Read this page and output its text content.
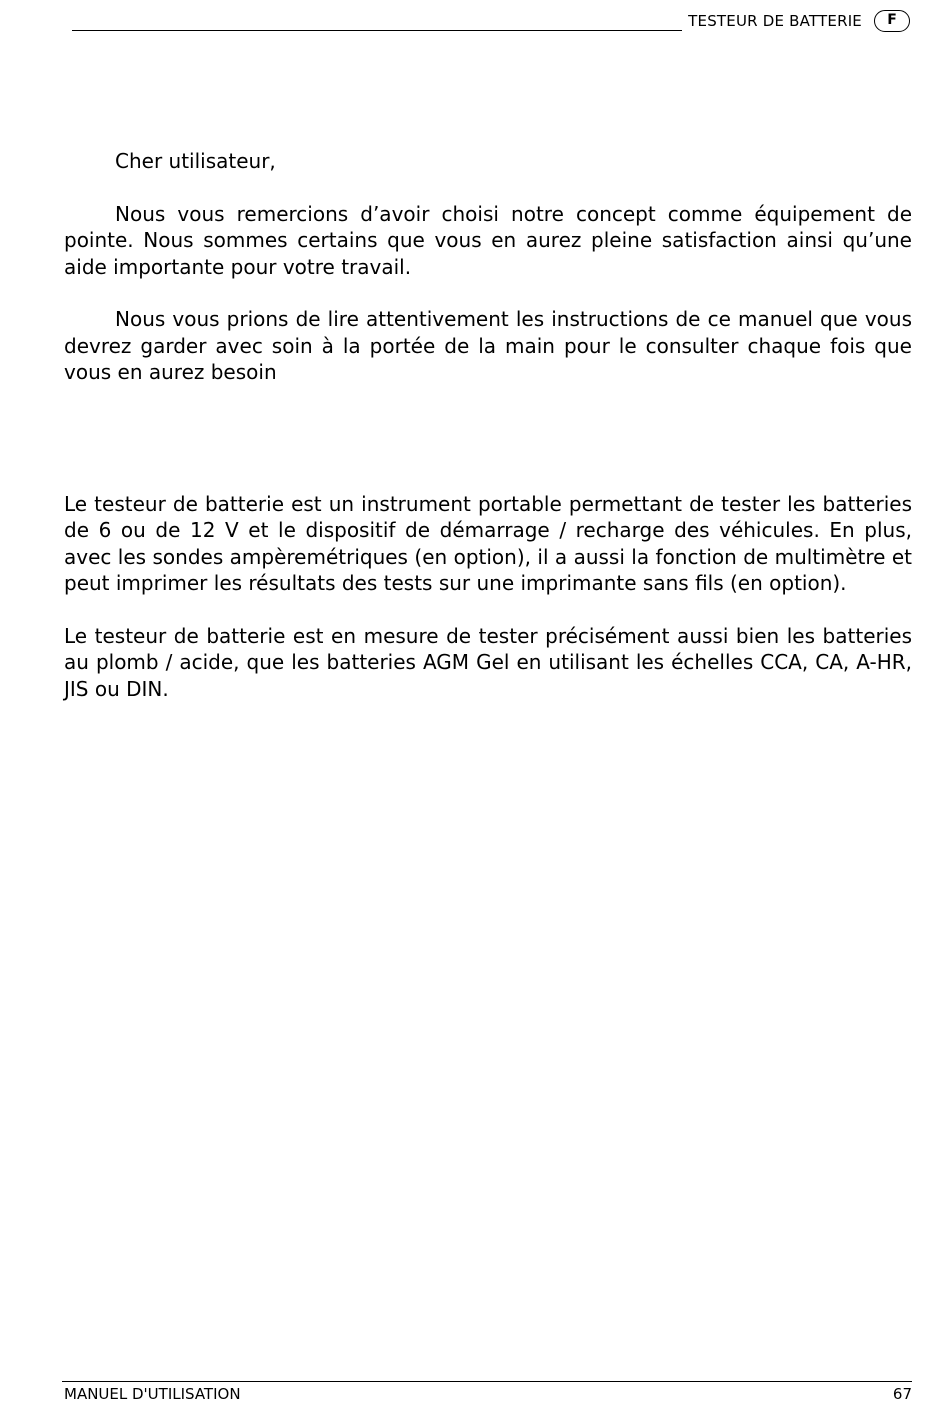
TESTEUR DE BATTERIE	F

Cher utilisateur,

Nous vous remercions d’avoir choisi notre concept comme équipement de pointe. Nous sommes certains que vous en aurez pleine satisfaction ainsi qu’une aide importante pour votre travail.

Nous vous prions de lire attentivement les instructions de ce manuel que vous devrez garder avec soin à la portée de la main pour le consulter chaque fois que vous en aurez besoin

Le testeur de batterie est un instrument portable permettant de tester les batteries de 6 ou de 12 V et le dispositif de démarrage / recharge des véhicules. En plus, avec les sondes ampèremétriques (en option), il a aussi la fonction de multimètre et peut imprimer les résultats des tests sur une imprimante sans fils (en option).

Le testeur de batterie est en mesure de tester précisément aussi bien les batteries au plomb / acide, que les batteries AGM Gel en utilisant les échelles CCA, CA, A-HR, JIS ou DIN.

MANUEL D'UTILISATION	67
